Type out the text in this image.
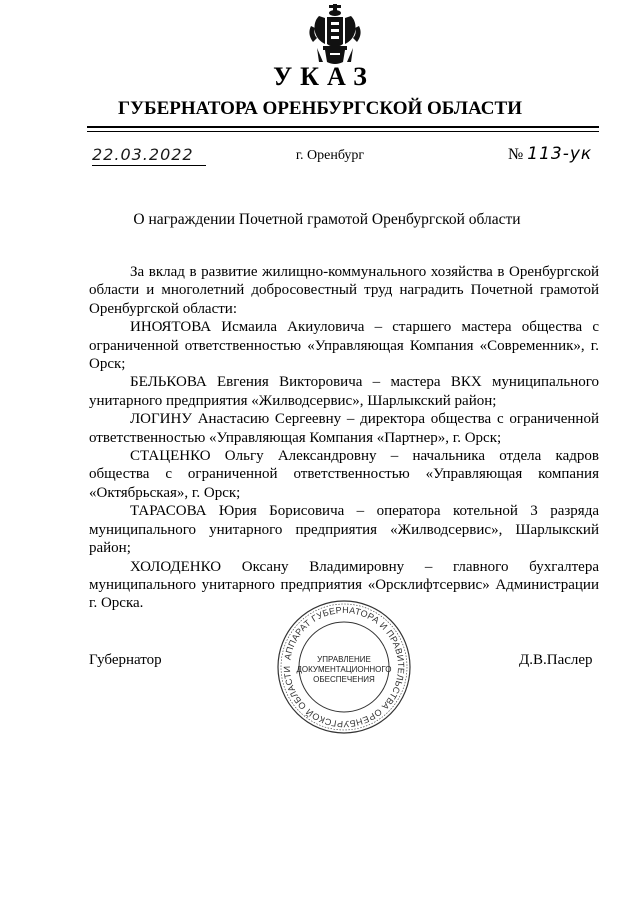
УКАЗ
ГУБЕРНАТОРА ОРЕНБУРГСКОЙ ОБЛАСТИ
22.03.2022	г. Оренбург	№ 113-ук
О награждении Почетной грамотой Оренбургской области

За вклад в развитие жилищно-коммунального хозяйства в Оренбургской области и многолетний добросовестный труд наградить Почетной грамотой Оренбургской области:

ИНОЯТОВА Исмаила Акиуловича – старшего мастера общества с ограниченной ответственностью «Управляющая Компания «Современник», г. Орск;

БЕЛЬКОВА Евгения Викторовича – мастера ВКХ муниципального унитарного предприятия «Жилводсервис», Шарлыкский район;

ЛОГИНУ Анастасию Сергеевну – директора общества с ограниченной ответственностью «Управляющая Компания «Партнер», г. Орск;

СТАЦЕНКО Ольгу Александровну – начальника отдела кадров общества с ограниченной ответственностью «Управляющая компания «Октябрьская», г. Орск;

ТАРАСОВА Юрия Борисовича – оператора котельной 3 разряда муниципального унитарного предприятия «Жилводсервис», Шарлыкский район;

ХОЛОДЕНКО Оксану Владимировну – главного бухгалтера муниципального унитарного предприятия «Орсклифтсервис» Администрации г. Орска.

Губернатор	Д.В.Паслер
АППАРАТ ГУБЕРНАТОРА И ПРАВИТЕЛЬСТВА ОРЕНБУРГСКОЙ ОБЛАСТИ
УПРАВЛЕНИЕ
ДОКУМЕНТАЦИОННОГО
ОБЕСПЕЧЕНИЯ
